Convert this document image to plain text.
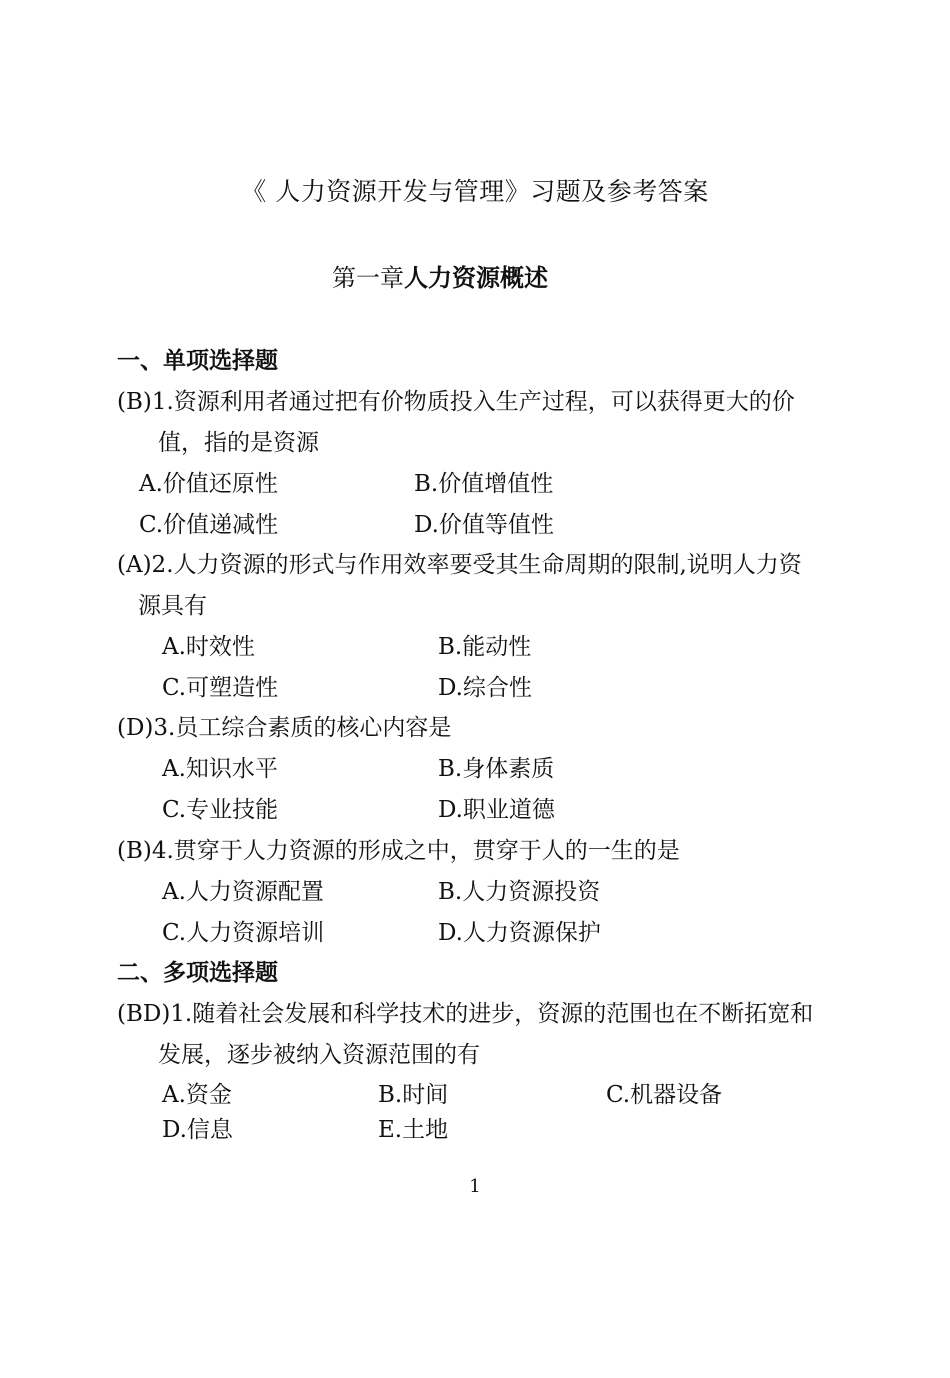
《 人力资源开发与管理》习题及参考答案
第一章人力资源概述
一、单项选择题
(B)1.资源利用者通过把有价物质投入生产过程，可以获得更大的价
值，指的是资源
A.价值还原性	B.价值增值性
C.价值递减性	D.价值等值性
(A)2.人力资源的形式与作用效率要受其生命周期的限制,说明人力资
源具有
A.时效性	B.能动性
C.可塑造性	D.综合性
(D)3.员工综合素质的核心内容是
A.知识水平	B.身体素质
C.专业技能	D.职业道德
(B)4.贯穿于人力资源的形成之中，贯穿于人的一生的是
A.人力资源配置	B.人力资源投资
C.人力资源培训	D.人力资源保护
二、多项选择题
(BD)1.随着社会发展和科学技术的进步，资源的范围也在不断拓宽和
发展，逐步被纳入资源范围的有
A.资金	B.时间	C.机器设备
D.信息	E.土地
1
